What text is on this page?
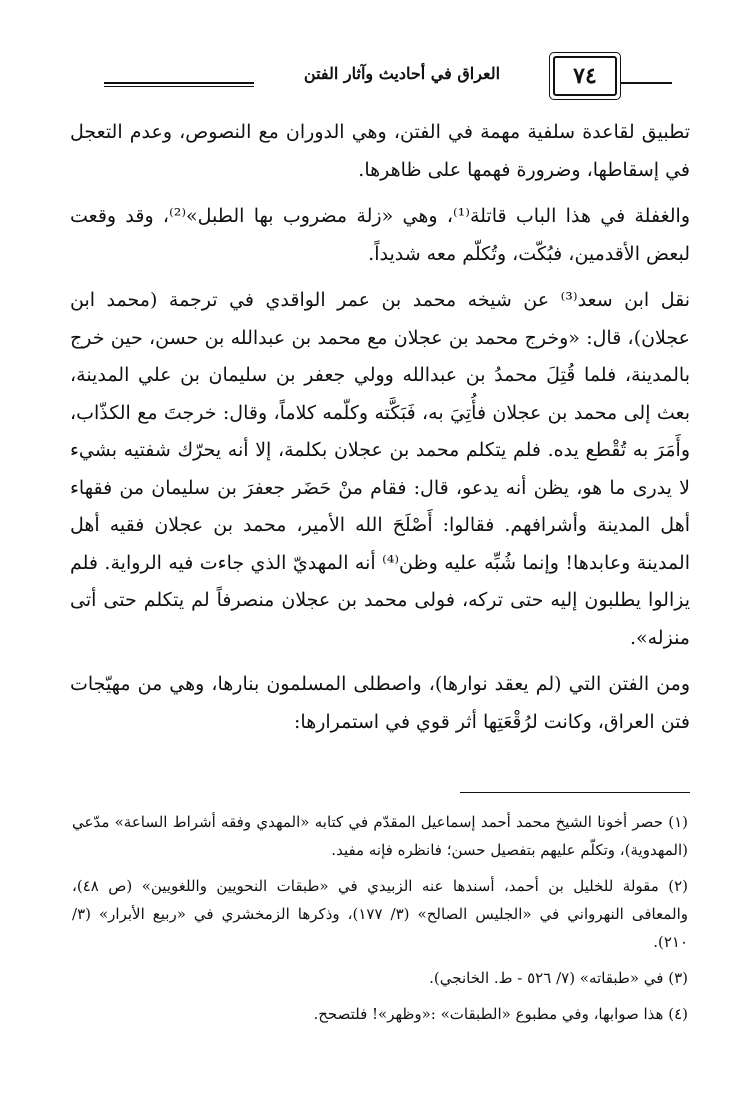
العراق في أحاديث وآثار الفتن	٧٤

تطبيق لقاعدة سلفية مهمة في الفتن، وهي الدوران مع النصوص، وعدم التعجل في إسقاطها، وضرورة فهمها على ظاهرها.

والغفلة في هذا الباب قاتلة⁽¹⁾، وهي «زلة مضروب بها الطبل»⁽²⁾، وقد وقعت لبعض الأقدمين، فبُكّت، وتُكلّم معه شديداً.

نقل ابن سعد⁽³⁾ عن شيخه محمد بن عمر الواقدي في ترجمة (محمد ابن عجلان)، قال: «وخرج محمد بن عجلان مع محمد بن عبدالله بن حسن، حين خرج بالمدينة، فلما قُتِلَ محمدُ بن عبدالله وولي جعفر بن سليمان بن علي المدينة، بعث إلى محمد بن عجلان فأُتِيَ به، فَبَكَّته وكلّمه كلاماً، وقال: خرجتَ مع الكذّاب، وأَمَرَ به تُقْطع يده. فلم يتكلم محمد بن عجلان بكلمة، إلا أنه يحرّك شفتيه بشيء لا يدرى ما هو، يظن أنه يدعو، قال: فقام منْ حَضَر جعفرَ بن سليمان من فقهاء أهل المدينة وأشرافهم. فقالوا: أَصْلَحَ الله الأمير، محمد بن عجلان فقيه أهل المدينة وعابدها! وإنما شُبِّه عليه وظن⁽⁴⁾ أنه المهديّ الذي جاءت فيه الرواية. فلم يزالوا يطلبون إليه حتى تركه، فولى محمد بن عجلان منصرفاً لم يتكلم حتى أتى منزله».

ومن الفتن التي (لم يعقد نوارها)، واصطلى المسلمون بنارها، وهي من مهيّجات فتن العراق، وكانت لرُقْعَتِها أثر قوي في استمرارها:

(١) حصر أخونا الشيخ محمد أحمد إسماعيل المقدّم في كتابه «المهدي وفقه أشراط الساعة» مدّعي (المهدوية)، وتكلّم عليهم بتفصيل حسن؛ فانظره فإنه مفيد.

(٢) مقولة للخليل بن أحمد، أسندها عنه الزبيدي في «طبقات النحويين واللغويين» (ص ٤٨)، والمعافى النهرواني في «الجليس الصالح» (٣/ ١٧٧)، وذكرها الزمخشري في «ربيع الأبرار» (٣/ ٢١٠).

(٣) في «طبقاته» (٧/ ٥٢٦ - ط. الخانجي).

(٤) هذا صوابها، وفي مطبوع «الطبقات» :«وظهر»! فلتصحح.
